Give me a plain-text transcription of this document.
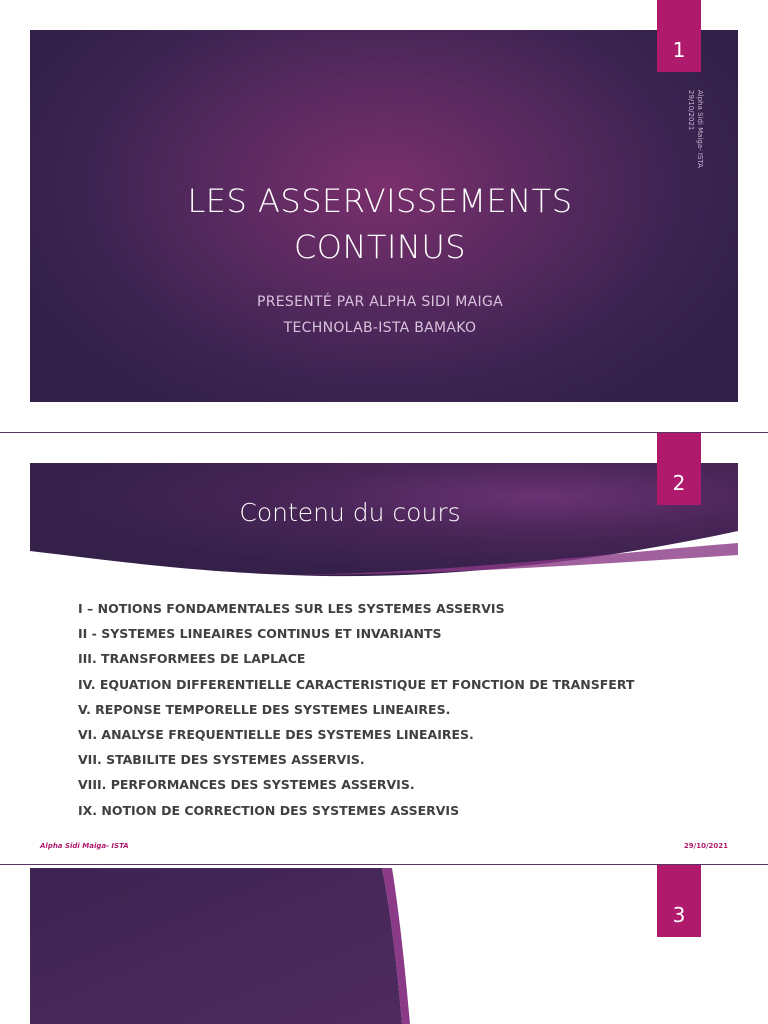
LES ASSERVISSEMENTS
CONTINUS
PRESENTÉ PAR ALPHA SIDI MAIGA
TECHNOLAB-ISTA BAMAKO
Alpha Sidi Maiga- ISTA
29/10/2021
1
Contenu du cours
2
I – NOTIONS FONDAMENTALES SUR LES SYSTEMES ASSERVIS
II - SYSTEMES LINEAIRES CONTINUS ET INVARIANTS
III. TRANSFORMEES DE LAPLACE
IV. EQUATION DIFFERENTIELLE CARACTERISTIQUE ET FONCTION DE TRANSFERT
V. REPONSE TEMPORELLE DES SYSTEMES LINEAIRES.
VI. ANALYSE FREQUENTIELLE DES SYSTEMES LINEAIRES.
VII. STABILITE DES SYSTEMES ASSERVIS.
VIII. PERFORMANCES DES SYSTEMES ASSERVIS.
IX. NOTION DE CORRECTION DES SYSTEMES ASSERVIS
Alpha Sidi Maiga- ISTA	29/10/2021
3
